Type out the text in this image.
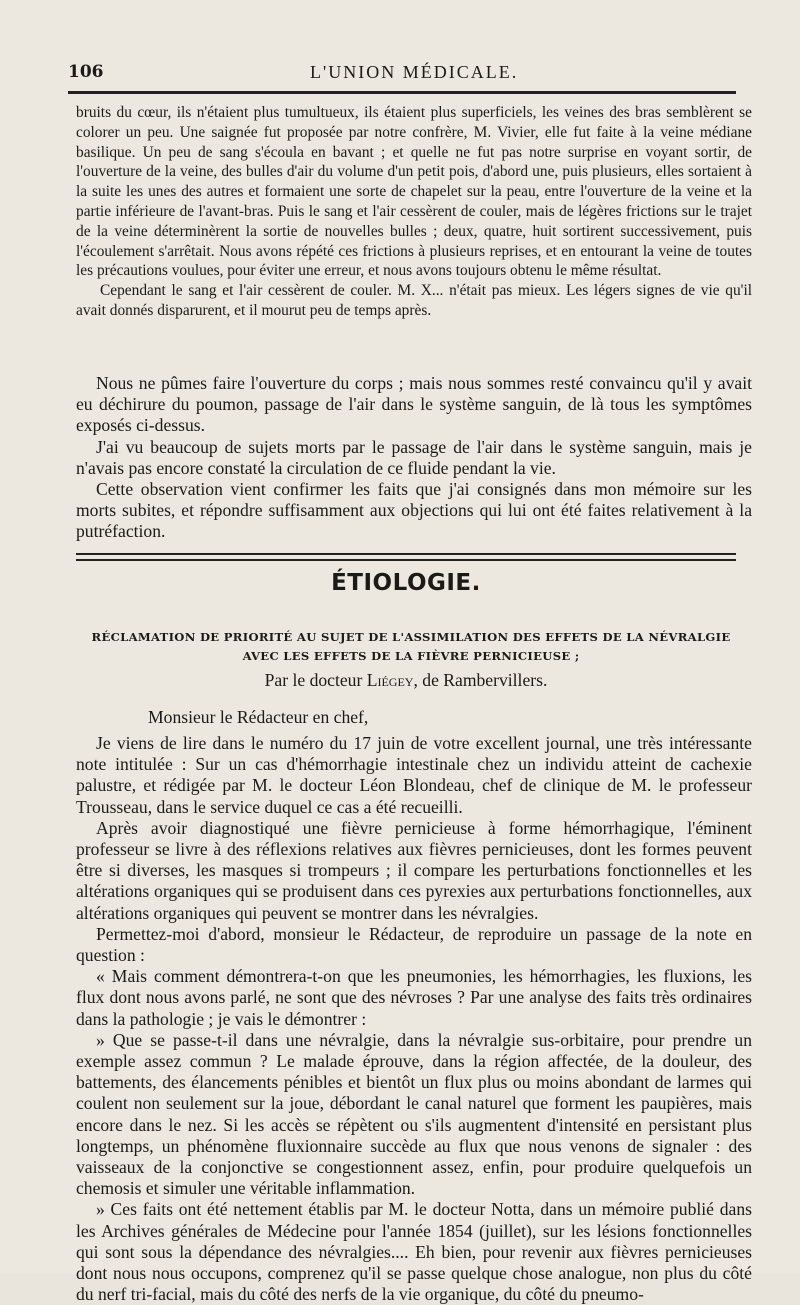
106	L'UNION MÉDICALE.

bruits du cœur, ils n'étaient plus tumultueux, ils étaient plus superficiels, les veines des bras semblèrent se colorer un peu. Une saignée fut proposée par notre confrère, M. Vivier, elle fut faite à la veine médiane basilique. Un peu de sang s'écoula en bavant ; et quelle ne fut pas notre surprise en voyant sortir, de l'ouverture de la veine, des bulles d'air du volume d'un petit pois, d'abord une, puis plusieurs, elles sortaient à la suite les unes des autres et formaient une sorte de chapelet sur la peau, entre l'ouverture de la veine et la partie inférieure de l'avant-bras. Puis le sang et l'air cessèrent de couler, mais de légères frictions sur le trajet de la veine déterminèrent la sortie de nouvelles bulles ; deux, quatre, huit sortirent successivement, puis l'écoulement s'arrêtait. Nous avons répété ces frictions à plusieurs reprises, et en entourant la veine de toutes les précautions voulues, pour éviter une erreur, et nous avons toujours obtenu le même résultat.

Cependant le sang et l'air cessèrent de couler. M. X... n'était pas mieux. Les légers signes de vie qu'il avait donnés disparurent, et il mourut peu de temps après.

Nous ne pûmes faire l'ouverture du corps ; mais nous sommes resté convaincu qu'il y avait eu déchirure du poumon, passage de l'air dans le système sanguin, de là tous les symptômes exposés ci-dessus.

J'ai vu beaucoup de sujets morts par le passage de l'air dans le système sanguin, mais je n'avais pas encore constaté la circulation de ce fluide pendant la vie.

Cette observation vient confirmer les faits que j'ai consignés dans mon mémoire sur les morts subites, et répondre suffisamment aux objections qui lui ont été faites relativement à la putréfaction.

ÉTIOLOGIE.
RÉCLAMATION DE PRIORITÉ AU SUJET DE L'ASSIMILATION DES EFFETS DE LA NÉVRALGIE AVEC LES EFFETS DE LA FIÈVRE PERNICIEUSE ;
Par le docteur Liégey, de Rambervillers.
Monsieur le Rédacteur en chef,

Je viens de lire dans le numéro du 17 juin de votre excellent journal, une très intéressante note intitulée : Sur un cas d'hémorrhagie intestinale chez un individu atteint de cachexie palustre, et rédigée par M. le docteur Léon Blondeau, chef de clinique de M. le professeur Trousseau, dans le service duquel ce cas a été recueilli.

Après avoir diagnostiqué une fièvre pernicieuse à forme hémorrhagique, l'éminent professeur se livre à des réflexions relatives aux fièvres pernicieuses, dont les formes peuvent être si diverses, les masques si trompeurs ; il compare les perturbations fonctionnelles et les altérations organiques qui se produisent dans ces pyrexies aux perturbations fonctionnelles, aux altérations organiques qui peuvent se montrer dans les névralgies.

Permettez-moi d'abord, monsieur le Rédacteur, de reproduire un passage de la note en question :

« Mais comment démontrera-t-on que les pneumonies, les hémorrhagies, les fluxions, les flux dont nous avons parlé, ne sont que des névroses ? Par une analyse des faits très ordinaires dans la pathologie ; je vais le démontrer :

» Que se passe-t-il dans une névralgie, dans la névralgie sus-orbitaire, pour prendre un exemple assez commun ? Le malade éprouve, dans la région affectée, de la douleur, des battements, des élancements pénibles et bientôt un flux plus ou moins abondant de larmes qui coulent non seulement sur la joue, débordant le canal naturel que forment les paupières, mais encore dans le nez. Si les accès se répètent ou s'ils augmentent d'intensité en persistant plus longtemps, un phénomène fluxionnaire succède au flux que nous venons de signaler : des vaisseaux de la conjonctive se congestionnent assez, enfin, pour produire quelquefois un chemosis et simuler une véritable inflammation.

» Ces faits ont été nettement établis par M. le docteur Notta, dans un mémoire publié dans les Archives générales de Médecine pour l'année 1854 (juillet), sur les lésions fonctionnelles qui sont sous la dépendance des névralgies.... Eh bien, pour revenir aux fièvres pernicieuses dont nous nous occupons, comprenez qu'il se passe quelque chose analogue, non plus du côté du nerf tri-facial, mais du côté des nerfs de la vie organique, du côté du pneumo-
